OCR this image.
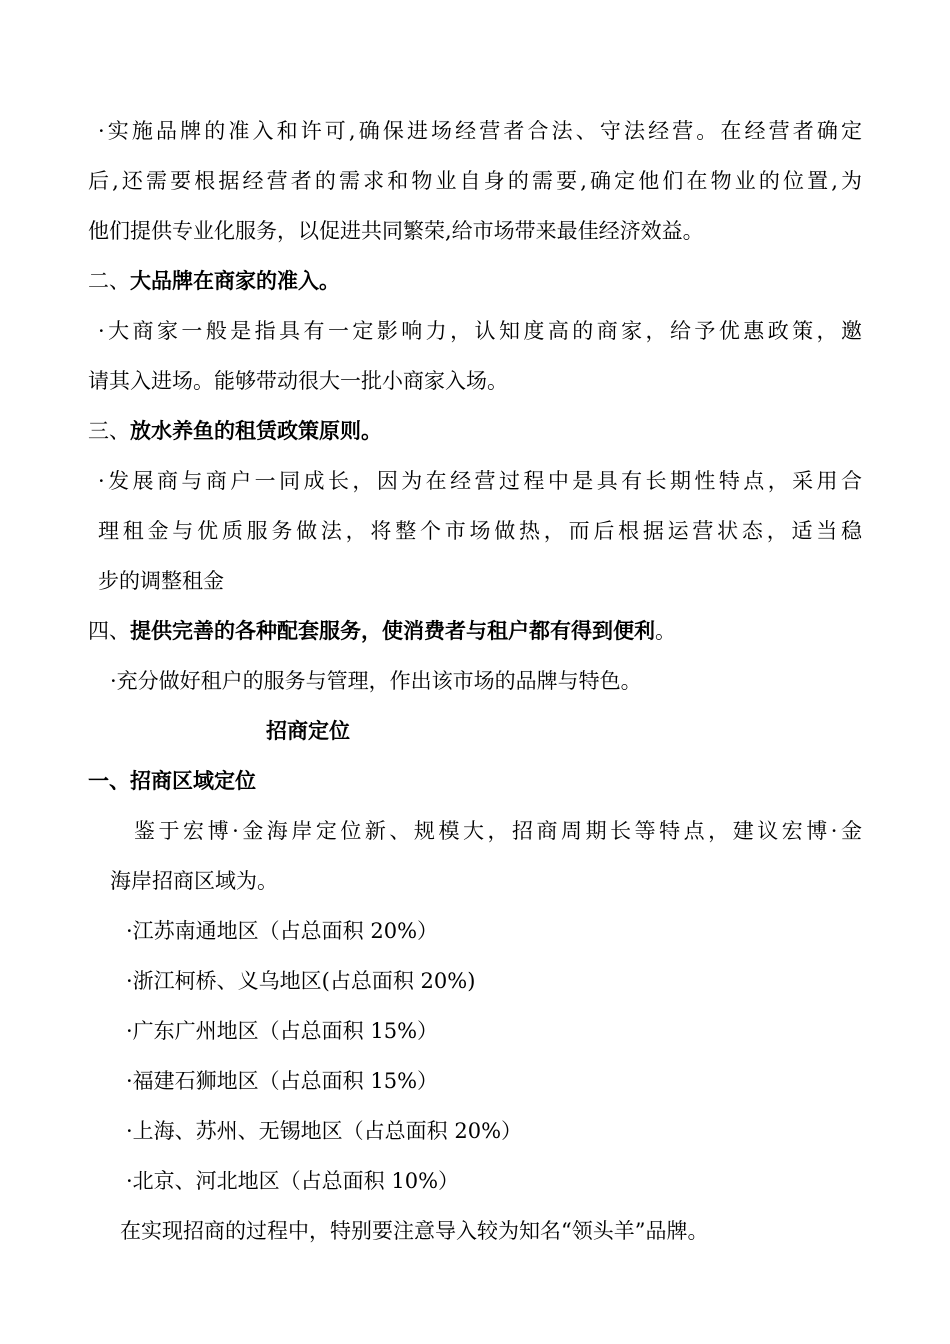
·实施品牌的准入和许可,确保进场经营者合法、守法经营。在经营者确定
后,还需要根据经营者的需求和物业自身的需要,确定他们在物业的位置,为
他们提供专业化服务，以促进共同繁荣,给市场带来最佳经济效益。
二、大品牌在商家的准入。
·大商家一般是指具有一定影响力，认知度高的商家，给予优惠政策，邀
请其入进场。能够带动很大一批小商家入场。
三、放水养鱼的租赁政策原则。
·发展商与商户一同成长，因为在经营过程中是具有长期性特点，采用合
理租金与优质服务做法，将整个市场做热，而后根据运营状态，适当稳
步的调整租金
四、提供完善的各种配套服务，使消费者与租户都有得到便利。
·充分做好租户的服务与管理，作出该市场的品牌与特色。
招商定位
一、招商区域定位
鉴于宏博·金海岸定位新、规模大，招商周期长等特点，建议宏博·金
海岸招商区域为。
·江苏南通地区（占总面积 20%）
·浙江柯桥、义乌地区(占总面积 20%)
·广东广州地区（占总面积 15%）
·福建石狮地区（占总面积 15%）
·上海、苏州、无锡地区（占总面积 20%）
·北京、河北地区（占总面积 10%）
在实现招商的过程中，特别要注意导入较为知名“领头羊”品牌。
